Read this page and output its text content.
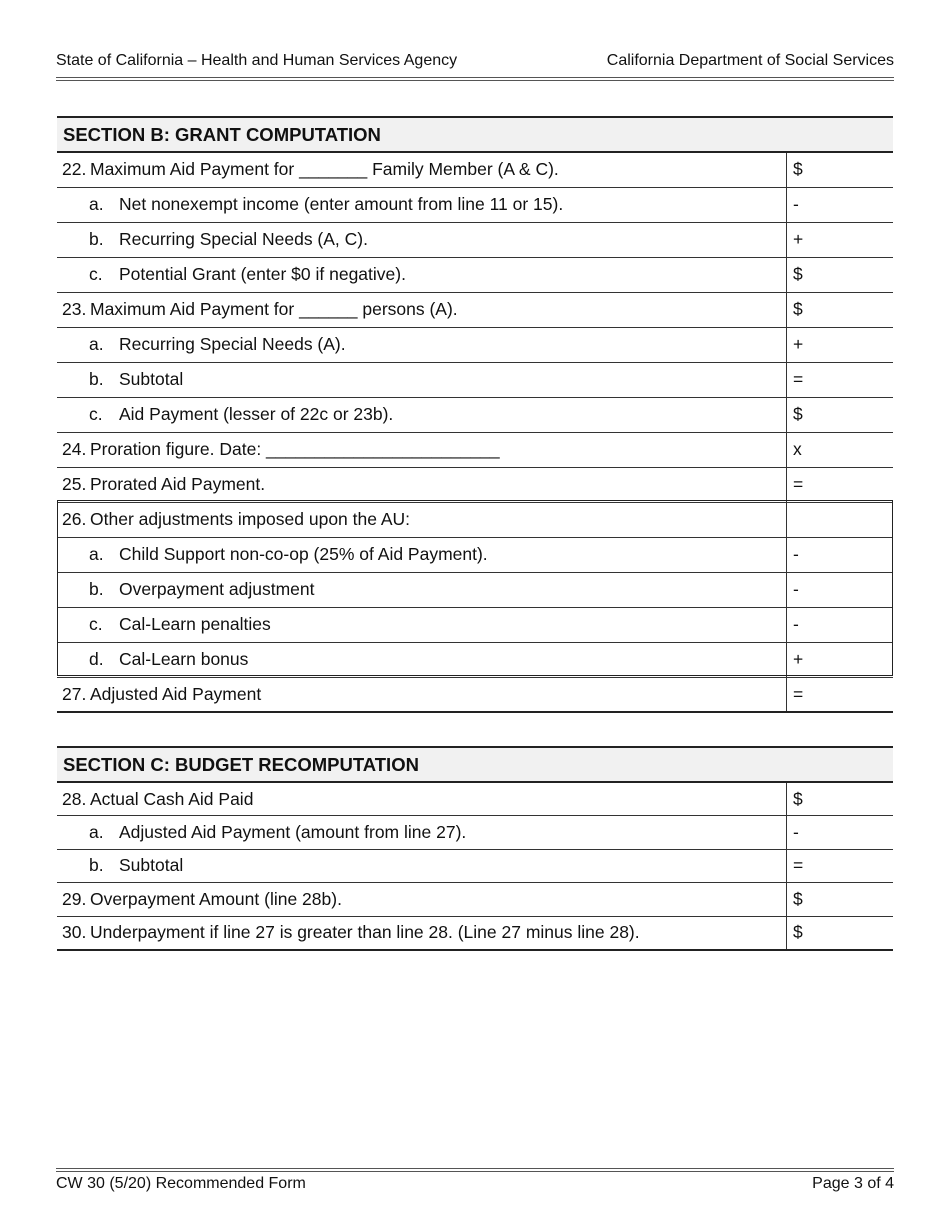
State of California – Health and Human Services Agency	California Department of Social Services
SECTION B: GRANT COMPUTATION	
22. Maximum Aid Payment for _______ Family Member (A & C).	$
a. Net nonexempt income (enter amount from line 11 or 15).	-
b. Recurring Special Needs (A, C).	+
c. Potential Grant (enter $0 if negative).	$
23. Maximum Aid Payment for ______ persons (A).	$
a. Recurring Special Needs (A).	+
b. Subtotal	=
c. Aid Payment (lesser of 22c or 23b).	$
24. Proration figure. Date: ________________________	x
25. Prorated Aid Payment.	=
26. Other adjustments imposed upon the AU:	
a. Child Support non-co-op (25% of Aid Payment).	-
b. Overpayment adjustment	-
c. Cal-Learn penalties	-
d. Cal-Learn bonus	+
27. Adjusted Aid Payment	=
SECTION C: BUDGET RECOMPUTATION	
28. Actual Cash Aid Paid	$
a. Adjusted Aid Payment (amount from line 27).	-
b. Subtotal	=
29. Overpayment Amount (line 28b).	$
30. Underpayment if line 27 is greater than line 28. (Line 27 minus line 28).	$
CW 30 (5/20) Recommended Form	Page 3 of 4
